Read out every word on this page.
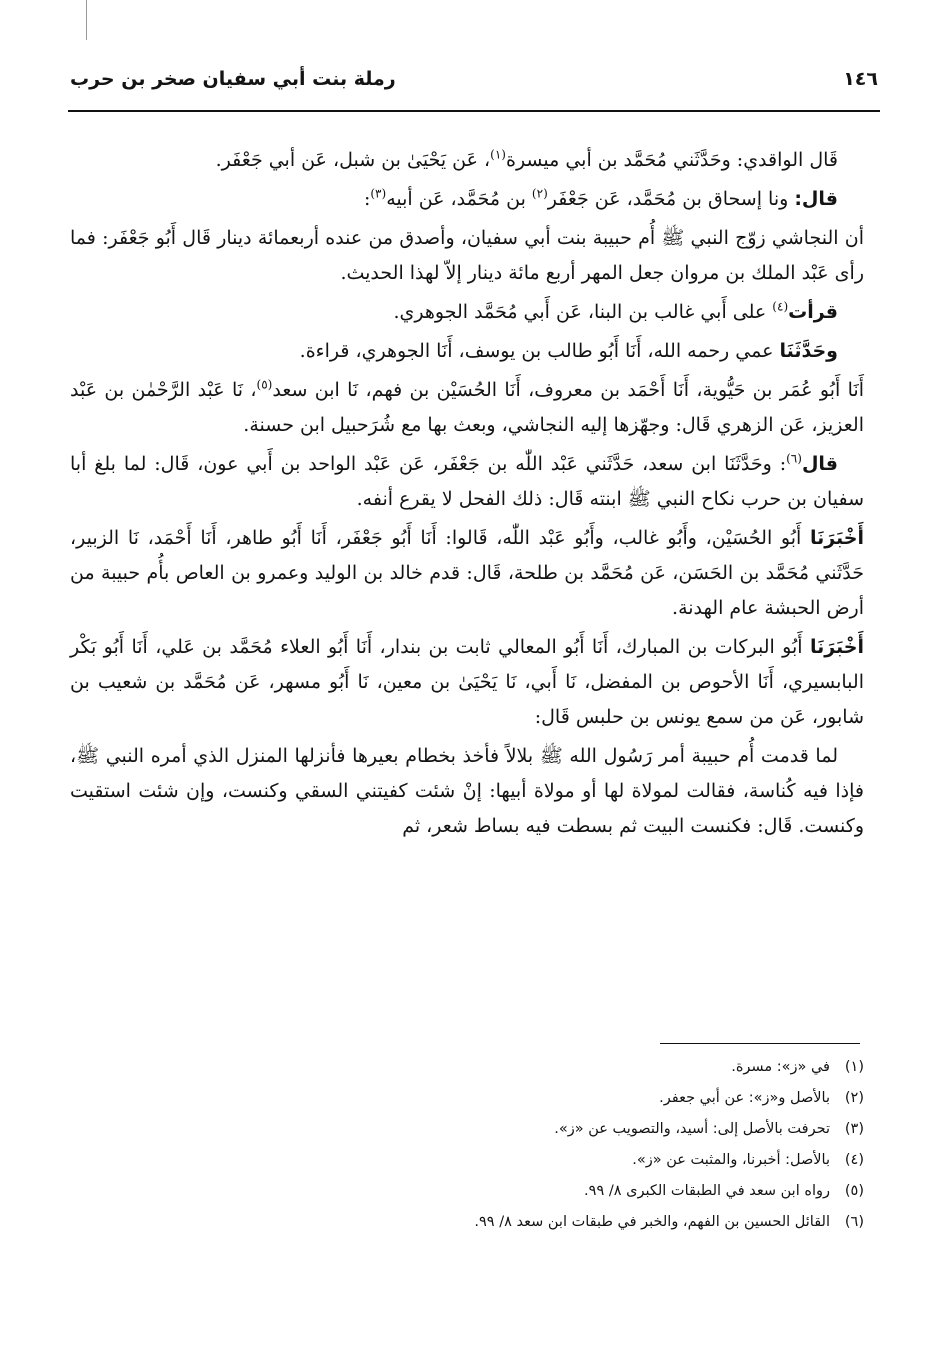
١٤٦
رملة بنت أبي سفيان صخر بن حرب

قَال الواقدي: وحَدَّثَني مُحَمَّد بن أبي ميسرة$^{(١)}$، عَن يَحْيَىٰ بن شبل، عَن أبي جَعْفَر.

قال: ونا إسحاق بن مُحَمَّد، عَن جَعْفَر$^{(٢)}$ بن مُحَمَّد، عَن أبيه$^{(٣)}$:

أن النجاشي زوّج النبي ﷺ أُم حبيبة بنت أبي سفيان، وأصدق من عنده أربعمائة دينار قَال أَبُو جَعْفَر: فما رأى عَبْد الملك بن مروان جعل المهر أربع مائة دينار إلاّ لهذا الحديث.

قرأت$^{(٤)}$ على أَبي غالب بن البنا، عَن أَبي مُحَمَّد الجوهري.

وحَدَّثَنَا عمي رحمه الله، أَنَا أَبُو طالب بن يوسف، أَنَا الجوهري، قراءة.

أَنَا أَبُو عُمَر بن حَيُّوية، أَنَا أَحْمَد بن معروف، أَنَا الحُسَيْن بن فهم، نَا ابن سعد$^{(٥)}$، نَا عَبْد الرَّحْمٰن بن عَبْد العزيز، عَن الزهري قَال: وجهّزها إليه النجاشي، وبعث بها مع شُرَحبيل ابن حسنة.

قال$^{(٦)}$: وحَدَّثَنَا ابن سعد، حَدَّثَني عَبْد اللّٰه بن جَعْفَر، عَن عَبْد الواحد بن أَبي عون، قَال: لما بلغ أبا سفيان بن حرب نكاح النبي ﷺ ابنته قَال: ذلك الفحل لا يقرع أنفه.

أَخْبَرَنَا أَبُو الحُسَيْن، وأَبُو غالب، وأَبُو عَبْد اللّٰه، قَالوا: أَنَا أَبُو جَعْفَر، أَنَا أَبُو طاهر، أَنَا أَحْمَد، نَا الزبير، حَدَّثَني مُحَمَّد بن الحَسَن، عَن مُحَمَّد بن طلحة، قَال: قدم خالد بن الوليد وعمرو بن العاص بأُم حبيبة من أرض الحبشة عام الهدنة.

أَخْبَرَنَا أَبُو البركات بن المبارك، أَنَا أَبُو المعالي ثابت بن بندار، أَنَا أَبُو العلاء مُحَمَّد بن عَلي، أَنَا أَبُو بَكْر البابسيري، أَنَا الأحوص بن المفضل، نَا أَبي، نَا يَحْيَىٰ بن معين، نَا أَبُو مسهر، عَن مُحَمَّد بن شعيب بن شابور، عَن من سمع يونس بن حلبس قَال:

لما قدمت أُم حبيبة أمر رَسُول الله ﷺ بلالاً فأخذ بخطام بعيرها فأنزلها المنزل الذي أمره النبي ﷺ، فإذا فيه كُناسة، فقالت لمولاة لها أو مولاة أبيها: إنْ شئت كفيتني السقي وكنست، وإن شئت استقيت وكنست. قَال: فكنست البيت ثم بسطت فيه بساط شعر، ثم

(١)في «ز»: مسرة.
(٢)بالأصل و«ز»: عن أبي جعفر.
(٣)تحرفت بالأصل إلى: أسيد، والتصويب عن «ز».
(٤)بالأصل: أخبرنا، والمثبت عن «ز».
(٥)رواه ابن سعد في الطبقات الكبرى ٨/ ٩٩.
(٦)القائل الحسين بن الفهم، والخبر في طبقات ابن سعد ٨/ ٩٩.
